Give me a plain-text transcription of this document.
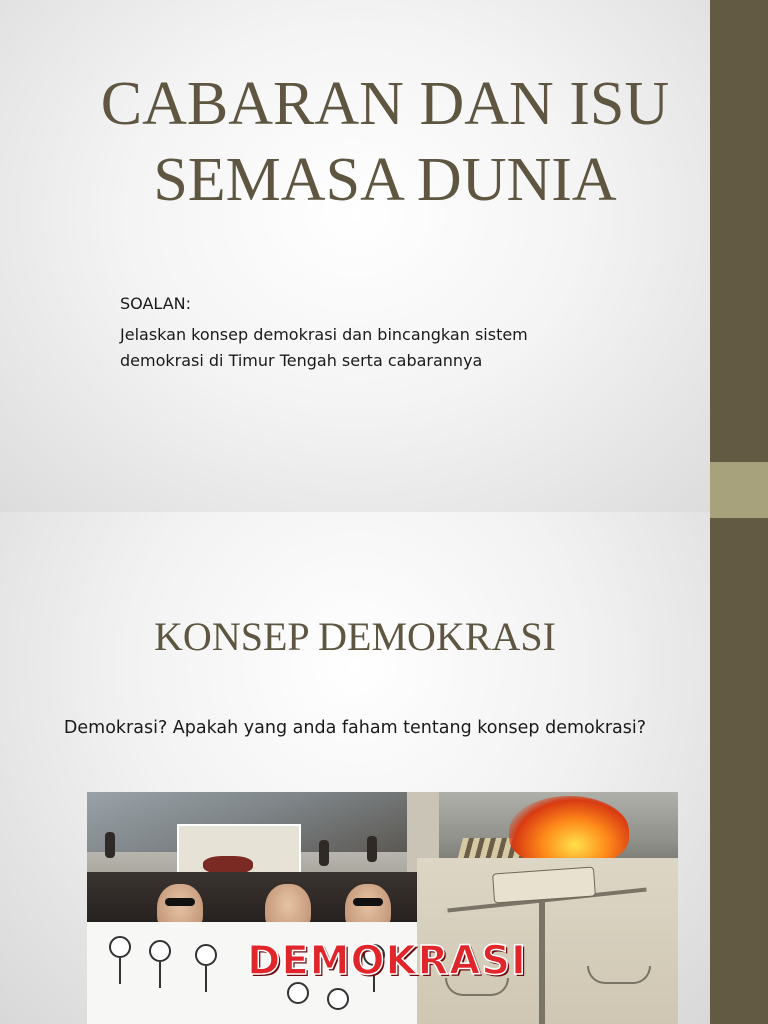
CABARAN DAN ISU
SEMASA DUNIA
SOALAN:
Jelaskan konsep demokrasi dan bincangkan sistem demokrasi di Timur Tengah serta cabarannya
KONSEP DEMOKRASI
Demokrasi? Apakah yang anda faham tentang konsep demokrasi?
DEMOKRASI
